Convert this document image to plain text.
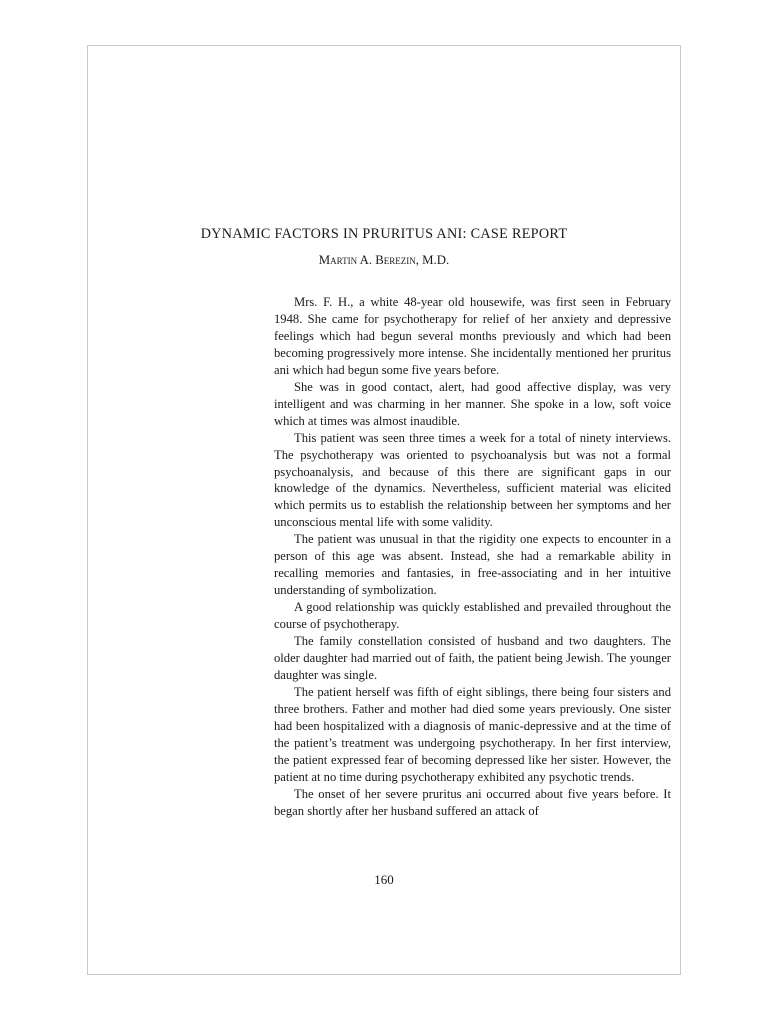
DYNAMIC FACTORS IN PRURITUS ANI: CASE REPORT
Martin A. Berezin, M.D.

Mrs. F. H., a white 48-year old housewife, was first seen in February 1948. She came for psychotherapy for relief of her anxiety and depressive feelings which had begun several months previously and which had been becoming progressively more intense. She incidentally mentioned her pruritus ani which had begun some five years before.

She was in good contact, alert, had good affective display, was very intelligent and was charming in her manner. She spoke in a low, soft voice which at times was almost inaudible.

This patient was seen three times a week for a total of ninety interviews. The psychotherapy was oriented to psychoanalysis but was not a formal psychoanalysis, and because of this there are significant gaps in our knowledge of the dynamics. Nevertheless, sufficient material was elicited which permits us to establish the relationship between her symptoms and her unconscious mental life with some validity.

The patient was unusual in that the rigidity one expects to encounter in a person of this age was absent. Instead, she had a remarkable ability in recalling memories and fantasies, in free-associating and in her intuitive understanding of symbolization.

A good relationship was quickly established and prevailed throughout the course of psychotherapy.

The family constellation consisted of husband and two daughters. The older daughter had married out of faith, the patient being Jewish. The younger daughter was single.

The patient herself was fifth of eight siblings, there being four sisters and three brothers. Father and mother had died some years previously. One sister had been hospitalized with a diagnosis of manic-depressive and at the time of the patient’s treatment was undergoing psychotherapy. In her first interview, the patient expressed fear of becoming depressed like her sister. However, the patient at no time during psychotherapy exhibited any psychotic trends.

The onset of her severe pruritus ani occurred about five years before. It began shortly after her husband suffered an attack of

160
